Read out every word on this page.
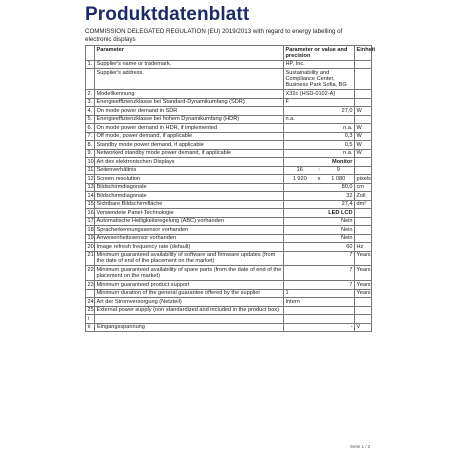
Produktdatenblatt
COMMISSION DELEGATED REGULATION (EU) 2019/2013 with regard to energy labelling of electronic displays
	Parameter	Parameter or value and precision	Einheit
1.	Supplier's name or trademark.	HP, Inc.	
	Supplier's address.	Sustainability and Compliance Center, Business Park Sofia, BG	
2.	Modellkennung	X32c (HSD-0102-A)	
3.	Energieeffizienzklasse bei Standard-Dynamikumfang (SDR)	F	
4.	On mode power demand in SDR	27,0	W
5.	Energieeffizienzklasse bei hohem Dynamikumfang (HDR)	n.a.	
6.	On mode power demand in HDR, if implemented	n.a.	W
7.	Off mode, power demand, if applicable	0,3	W
8.	Standby mode power demand, if applicable	0,5	W
9.	Networked standby mode power demand, if applicable	n.a.	W
10.	Art des elektronischen Displays	Monitor	
11.	Seitenverhältnis	16 : 9	

12.	Screen resolution	1 920 x 1 080	pixels
13.	Bildschirmdiagonale	80,0	cm
14.	Bildschirmdiagonale	32	Zoll
15.	Sichtbare Bildschirmfläche	27,4	dm²
16.	Verwendete Panel-Technologie	LED LCD	
17.	Automatische Helligkeitsregelung (ABC) vorhanden	Nein	
18.	Spracherkennungssensor vorhanden	Nein	
19.	Anwesenheitssensor vorhanden	Nein	
20.	Image refresh frequency rate (default)	60	Hz
21.	Minimum guaranteed availability of software and firmware updates (from the date of end of the placement on the market)	7	Years
22.	Minimum guaranteed availability of spare parts (from the date of end of the placement on the market)	7	Years
23.	Minimum guaranteed product support	7	Years
	Minimum duration of the general guarantee offered by the supplier	1	Years
24.	Art der Stromversorgung (Netzteil)	Intern	
25.	External power supply (non standardized and included in the product box)		
i			
ii	Eingangsspannung	-	V
Seite 1 / 2
